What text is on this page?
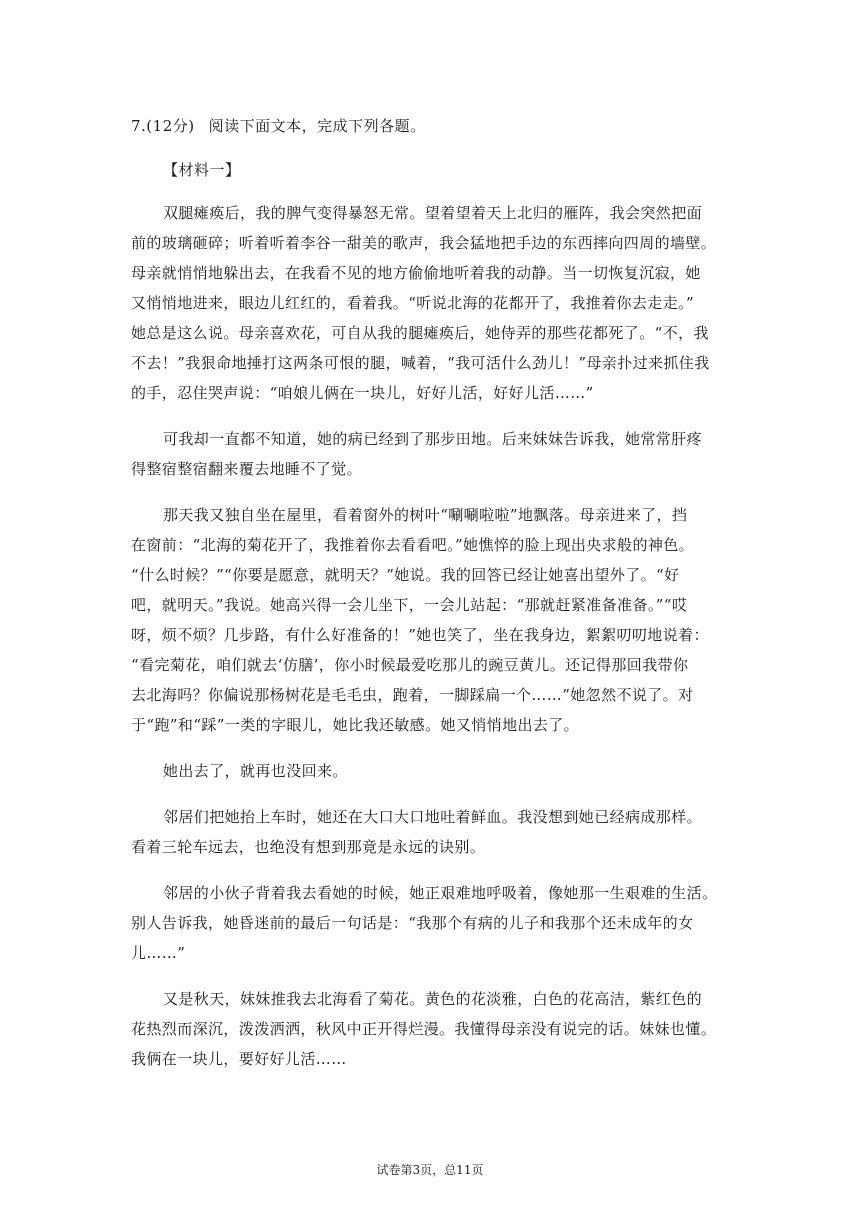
7.(12分) 阅读下面文本，完成下列各题。
【材料一】
双腿瘫痪后，我的脾气变得暴怒无常。望着望着天上北归的雁阵，我会突然把面
前的玻璃砸碎；听着听着李谷一甜美的歌声，我会猛地把手边的东西摔向四周的墙壁。
母亲就悄悄地躲出去，在我看不见的地方偷偷地听着我的动静。当一切恢复沉寂，她
又悄悄地进来，眼边儿红红的，看着我。“听说北海的花都开了，我推着你去走走。”
她总是这么说。母亲喜欢花，可自从我的腿瘫痪后，她侍弄的那些花都死了。“不，我
不去！”我狠命地捶打这两条可恨的腿，喊着，“我可活什么劲儿！”母亲扑过来抓住我
的手，忍住哭声说：“咱娘儿俩在一块儿，好好儿活，好好儿活……”
可我却一直都不知道，她的病已经到了那步田地。后来妹妹告诉我，她常常肝疼
得整宿整宿翻来覆去地睡不了觉。
那天我又独自坐在屋里，看着窗外的树叶“唰唰啦啦”地飘落。母亲进来了，挡
在窗前：“北海的菊花开了，我推着你去看看吧。”她憔悴的脸上现出央求般的神色。
“什么时候？”“你要是愿意，就明天？”她说。我的回答已经让她喜出望外了。“好
吧，就明天。”我说。她高兴得一会儿坐下，一会儿站起：“那就赶紧准备准备。”“哎
呀，烦不烦？几步路，有什么好准备的！”她也笑了，坐在我身边，絮絮叨叨地说着：
“看完菊花，咱们就去‘仿膳’，你小时候最爱吃那儿的豌豆黄儿。还记得那回我带你
去北海吗？你偏说那杨树花是毛毛虫，跑着，一脚踩扁一个……”她忽然不说了。对
于“跑”和“踩”一类的字眼儿，她比我还敏感。她又悄悄地出去了。
她出去了，就再也没回来。
邻居们把她抬上车时，她还在大口大口地吐着鲜血。我没想到她已经病成那样。
看着三轮车远去，也绝没有想到那竟是永远的诀别。
邻居的小伙子背着我去看她的时候，她正艰难地呼吸着，像她那一生艰难的生活。
别人告诉我，她昏迷前的最后一句话是：“我那个有病的儿子和我那个还未成年的女
儿……”
又是秋天，妹妹推我去北海看了菊花。黄色的花淡雅，白色的花高洁，紫红色的
花热烈而深沉，泼泼洒洒，秋风中正开得烂漫。我懂得母亲没有说完的话。妹妹也懂。
我俩在一块儿，要好好儿活……
试卷第3页，总11页
